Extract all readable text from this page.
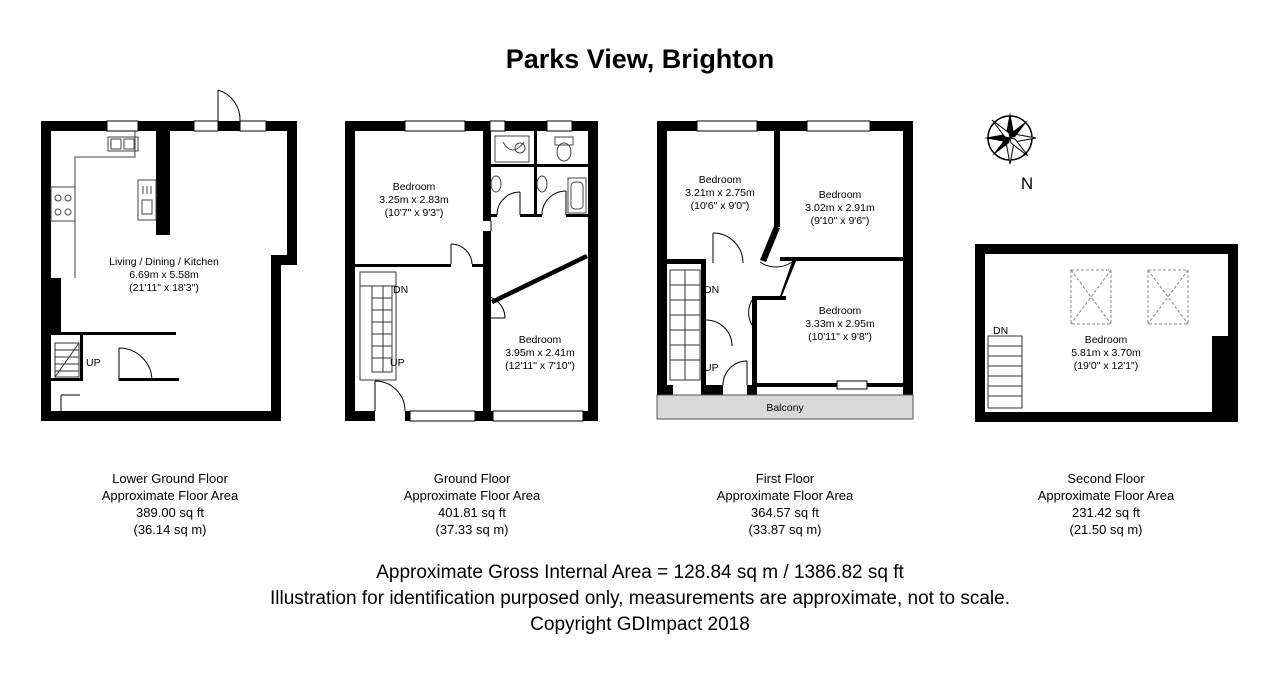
Parks View, Brighton
Living / Dining / Kitchen
6.69m x 5.58m
(21'11" x 18'3")
UP
Bedroom
3.25m x 2.83m
(10'7" x 9'3")
Bedroom
3.95m x 2.41m
(12'11" x 7'10")
DN
UP
Balcony
Bedroom
3.21m x 2.75m
(10'6" x 9'0")
Bedroom
3.02m x 2.91m
(9'10" x 9'6")
Bedroom
3.33m x 2.95m
(10'11" x 9'8")
DN
UP
Bedroom
5.81m x 3.70m
(19'0" x 12'1")
DN
N
Lower Ground Floor
Approximate Floor Area
389.00 sq ft
(36.14 sq m)
Ground Floor
Approximate Floor Area
401.81 sq ft
(37.33 sq m)
First Floor
Approximate Floor Area
364.57 sq ft
(33.87 sq m)
Second Floor
Approximate Floor Area
231.42 sq ft
(21.50 sq m)
Approximate Gross Internal Area = 128.84 sq m / 1386.82 sq ft
Illustration for identification purposed only, measurements are approximate, not to scale.
Copyright GDImpact 2018
